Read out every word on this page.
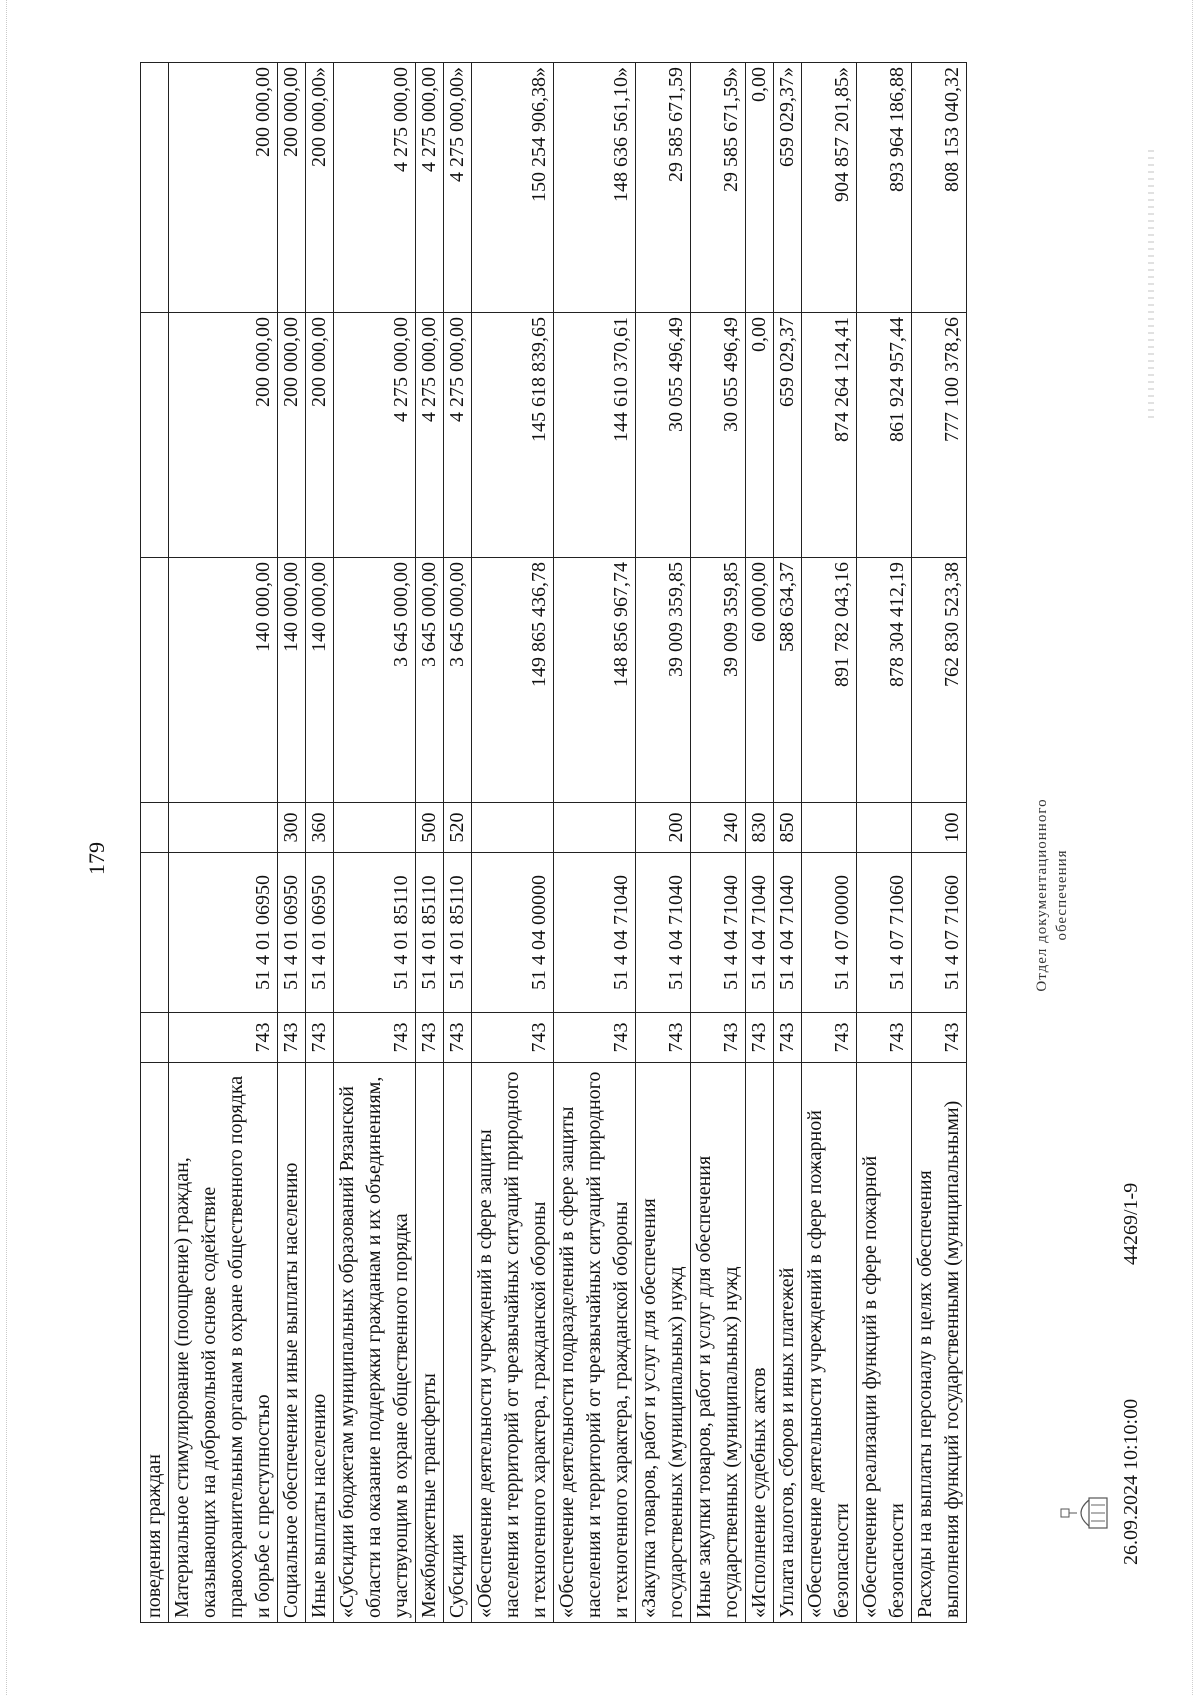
179
поведения граждан						
Материальное стимулирование (поощрение) граждан, оказывающих на добровольной основе содействие правоохранительным органам в охране общественного порядка и борьбе с преступностью	743	51 4 01 06950		140 000,00	200 000,00	200 000,00
Социальное обеспечение и иные выплаты населению	743	51 4 01 06950	300	140 000,00	200 000,00	200 000,00
Иные выплаты населению	743	51 4 01 06950	360	140 000,00	200 000,00	200 000,00»
«Субсидии бюджетам муниципальных образований Рязанской области на оказание поддержки гражданам и их объединениям, участвующим в охране общественного порядка	743	51 4 01 85110		3 645 000,00	4 275 000,00	4 275 000,00
Межбюджетные трансферты	743	51 4 01 85110	500	3 645 000,00	4 275 000,00	4 275 000,00
Субсидии	743	51 4 01 85110	520	3 645 000,00	4 275 000,00	4 275 000,00»
«Обеспечение деятельности учреждений в сфере защиты населения и территорий от чрезвычайных ситуаций природного и техногенного характера, гражданской обороны	743	51 4 04 00000		149 865 436,78	145 618 839,65	150 254 906,38»
«Обеспечение деятельности подразделений в сфере защиты населения и территорий от чрезвычайных ситуаций природного и техногенного характера, гражданской обороны	743	51 4 04 71040		148 856 967,74	144 610 370,61	148 636 561,10»
«Закупка товаров, работ и услуг для обеспечения государственных (муниципальных) нужд	743	51 4 04 71040	200	39 009 359,85	30 055 496,49	29 585 671,59
Иные закупки товаров, работ и услуг для обеспечения государственных (муниципальных) нужд	743	51 4 04 71040	240	39 009 359,85	30 055 496,49	29 585 671,59»
«Исполнение судебных актов	743	51 4 04 71040	830	60 000,00	0,00	0,00
Уплата налогов, сборов и иных платежей	743	51 4 04 71040	850	588 634,37	659 029,37	659 029,37»
«Обеспечение деятельности учреждений в сфере пожарной безопасности	743	51 4 07 00000		891 782 043,16	874 264 124,41	904 857 201,85»
«Обеспечение реализации функций в сфере пожарной безопасности	743	51 4 07 71060		878 304 412,19	861 924 957,44	893 964 186,88
Расходы на выплаты персоналу в целях обеспечения выполнения функций государственными (муниципальными)	743	51 4 07 71060	100	762 830 523,38	777 100 378,26	808 153 040,32
26.09.2024 10:10:00
44269/1-9
Отдел документационного обеспечения
